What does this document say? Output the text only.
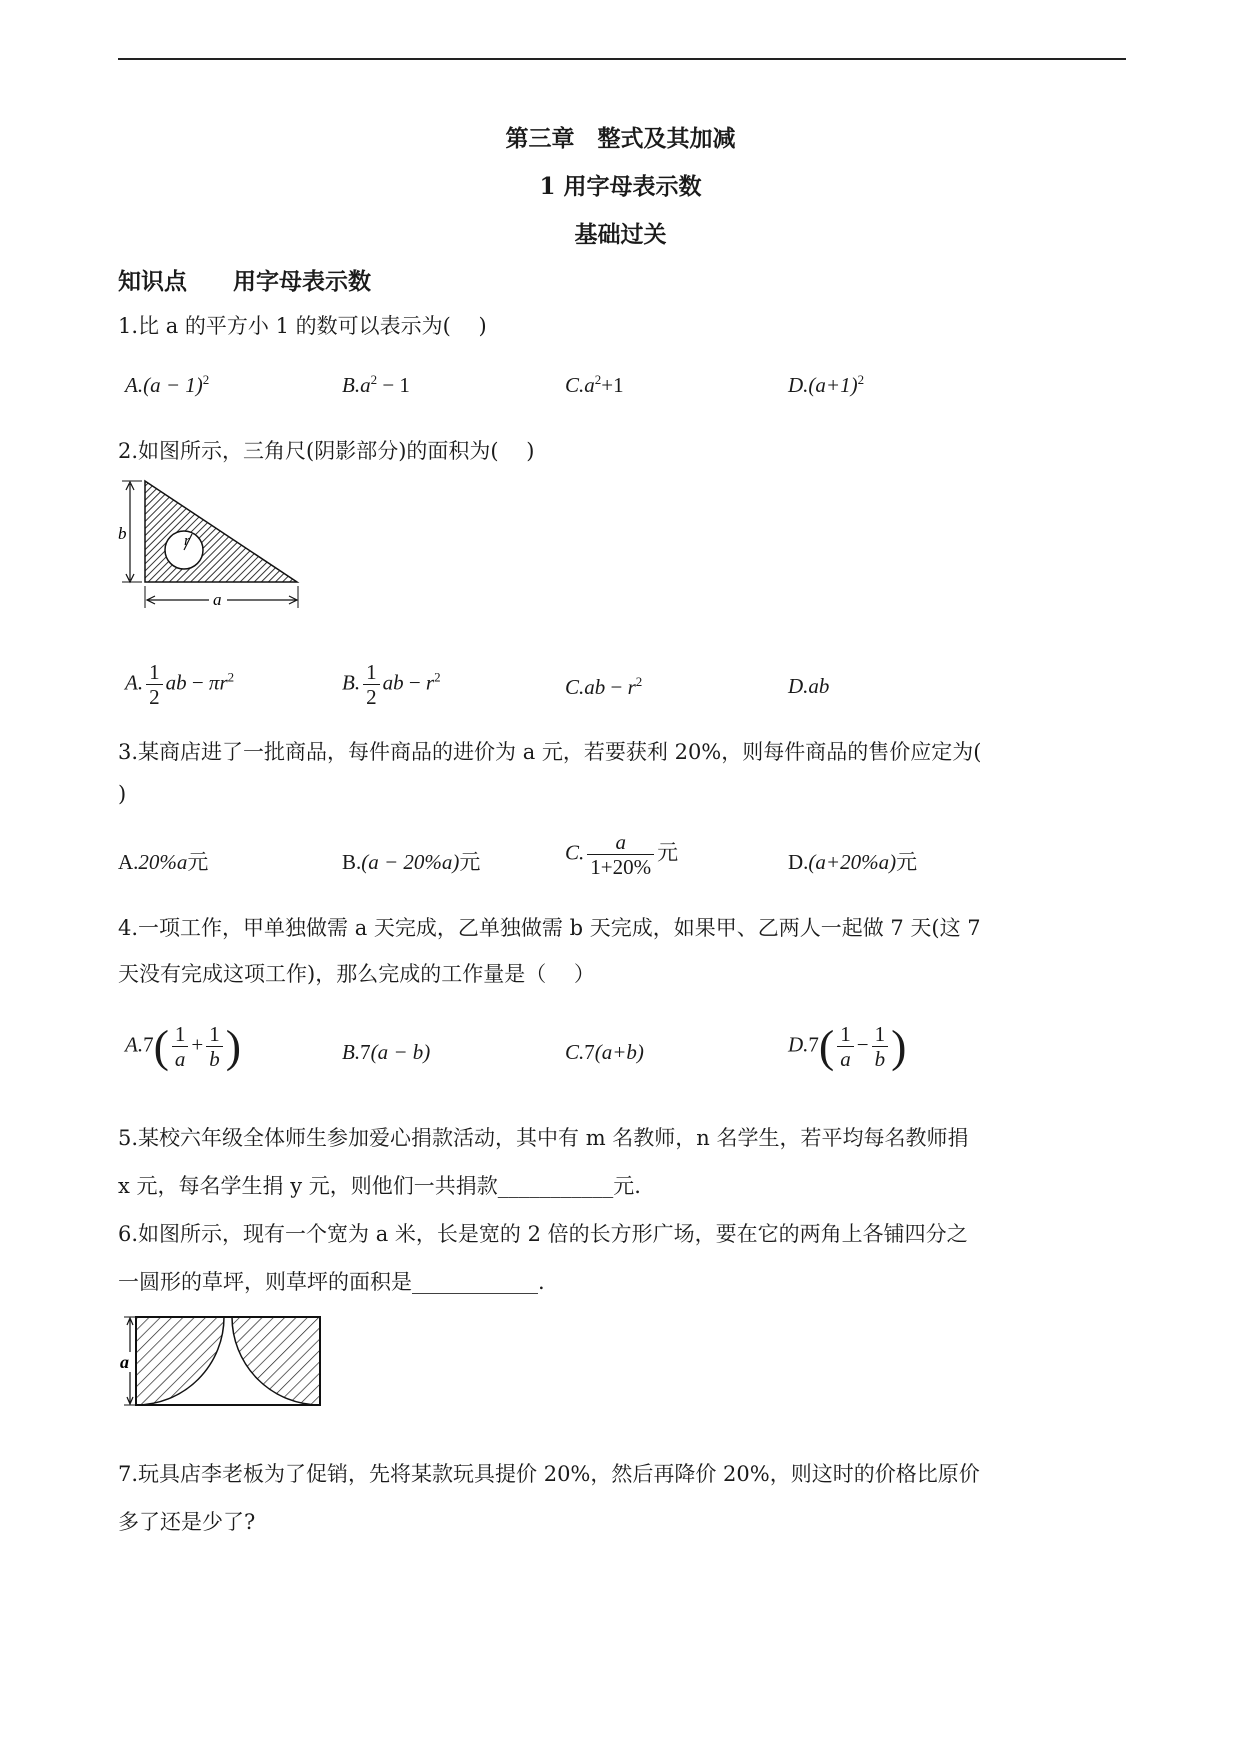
第三章　整式及其加减
1 用字母表示数
基础过关
知识点　　用字母表示数
1.比 a 的平方小 1 的数可以表示为(　 )
$A.(a - 1)^2$	$B.a^2 - 1$	$C.a^2+1$	$D.(a+1)^2$
2.如图所示，三角尺(阴影部分)的面积为(　 )
b	r
a
A. $\frac{1}{2}$ ab − $\pi r^2$	B. $\frac{1}{2}$ ab − $r^2$	$C.ab - r^2$	D.ab
3.某商店进了一批商品，每件商品的进价为 a 元，若要获利 20%，则每件商品的售价应定为(
)
A.20%a元	B.(a − 20%a)元	C. $\frac{a}{1+20\%}$ 元	D.(a+20%a)元
4.一项工作，甲单独做需 a 天完成，乙单独做需 b 天完成，如果甲、乙两人一起做 7 天(这 7
天没有完成这项工作)，那么完成的工作量是（　 ）
$A.7( \frac{1}{a} + \frac{1}{b}$ )	B.7(a − b)	C.7(a+b)	$D.7( \frac{1}{a} - \frac{1}{b}$ )
5.某校六年级全体师生参加爱心捐款活动，其中有 m 名教师，n 名学生，若平均每名教师捐
x 元，每名学生捐 y 元，则他们一共捐款___________元.
6.如图所示，现有一个宽为 a 米，长是宽的 2 倍的长方形广场，要在它的两角上各铺四分之
一圆形的草坪，则草坪的面积是____________.
a
7.玩具店李老板为了促销，先将某款玩具提价 20%，然后再降价 20%，则这时的价格比原价
多了还是少了?
